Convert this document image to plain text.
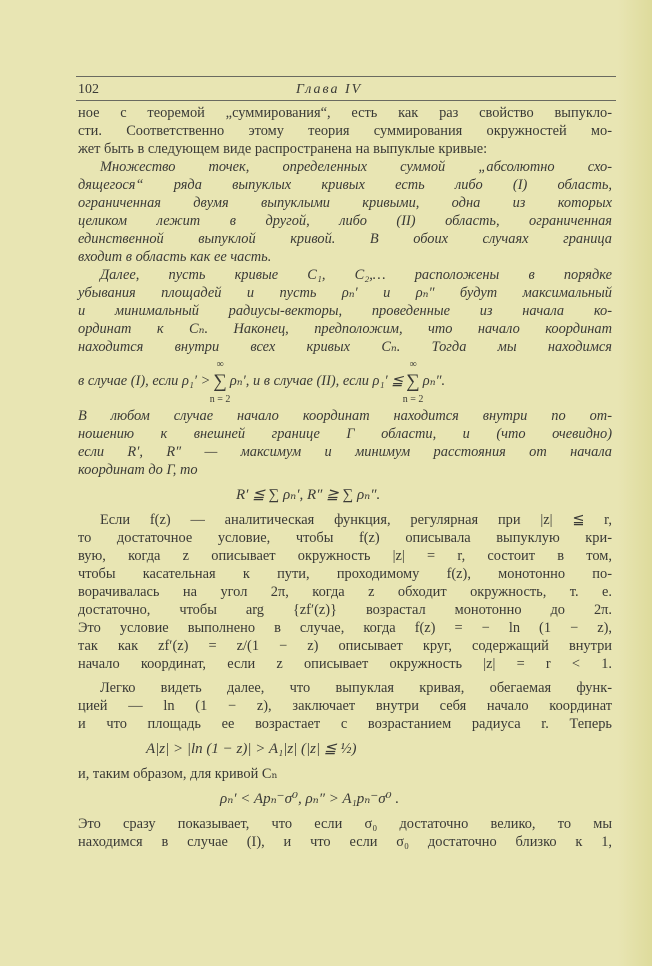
102	Глава IV
ное с теоремой „суммирования“, есть как раз свойство выпукло-
сти. Соответственно этому теория суммирования окружностей мо-
жет быть в следующем виде распространена на выпуклые кривые:
Множество точек, определенных суммой „абсолютно схо-
дящегося“ ряда выпуклых кривых есть либо (I) область,
ограниченная двумя выпуклыми кривыми, одна из которых
целиком лежит в другой, либо (II) область, ограниченная
единственной выпуклой кривой. В обоих случаях граница
входит в область как ее часть.
Далее, пусть кривые C₁, C₂,… расположены в порядке
убывания площадей и пусть ρₙ′ и ρₙ″ будут максимальный
и минимальный радиусы-векторы, проведенные из начала ко-
ординат к Cₙ. Наконец, предположим, что начало координат
находится внутри всех кривых Cₙ. Тогда мы находимся
в случае (I), если ρ₁′ > ∑
∞
n = 2
ρₙ′, и в случае (II), если ρ₁′ ≦ ∑
∞
n = 2
ρₙ″.
В любом случае начало координат находится внутри по от-
ношению к внешней границе Γ области, и (что очевидно)
если R′, R″ — максимум и минимум расстояния от начала
координат до Γ, то
R′ ≦ ∑ ρₙ′, R″ ≧ ∑ ρₙ″.
Если f(z) — аналитическая функция, регулярная при |z| ≦ r,
то достаточное условие, чтобы f(z) описывала выпуклую кри-
вую, когда z описывает окружность |z| = r, состоит в том,
чтобы касательная к пути, проходимому f(z), монотонно по-
ворачивалась на угол 2π, когда z обходит окружность, т. е.
достаточно, чтобы arg {zf′(z)} возрастал монотонно до 2π.
Это условие выполнено в случае, когда f(z) = − ln (1 − z),
так как zf′(z) = z/(1 − z) описывает круг, содержащий внутри
начало координат, если z описывает окружность |z| = r < 1.
Легко видеть далее, что выпуклая кривая, обегаемая функ-
цией — ln (1 − z), заключает внутри себя начало координат
и что площадь ее возрастает с возрастанием радиуса r. Теперь
A|z| > |ln (1 − z)| > A₁|z| (|z| ≦ ½)
и, таким образом, для кривой Cₙ
ρₙ′ < Apₙ⁻σ⁰, ρₙ″ > A₁pₙ⁻σ⁰ .
Это сразу показывает, что если σ₀ достаточно велико, то мы
находимся в случае (I), и что если σ₀ достаточно близко к 1,
